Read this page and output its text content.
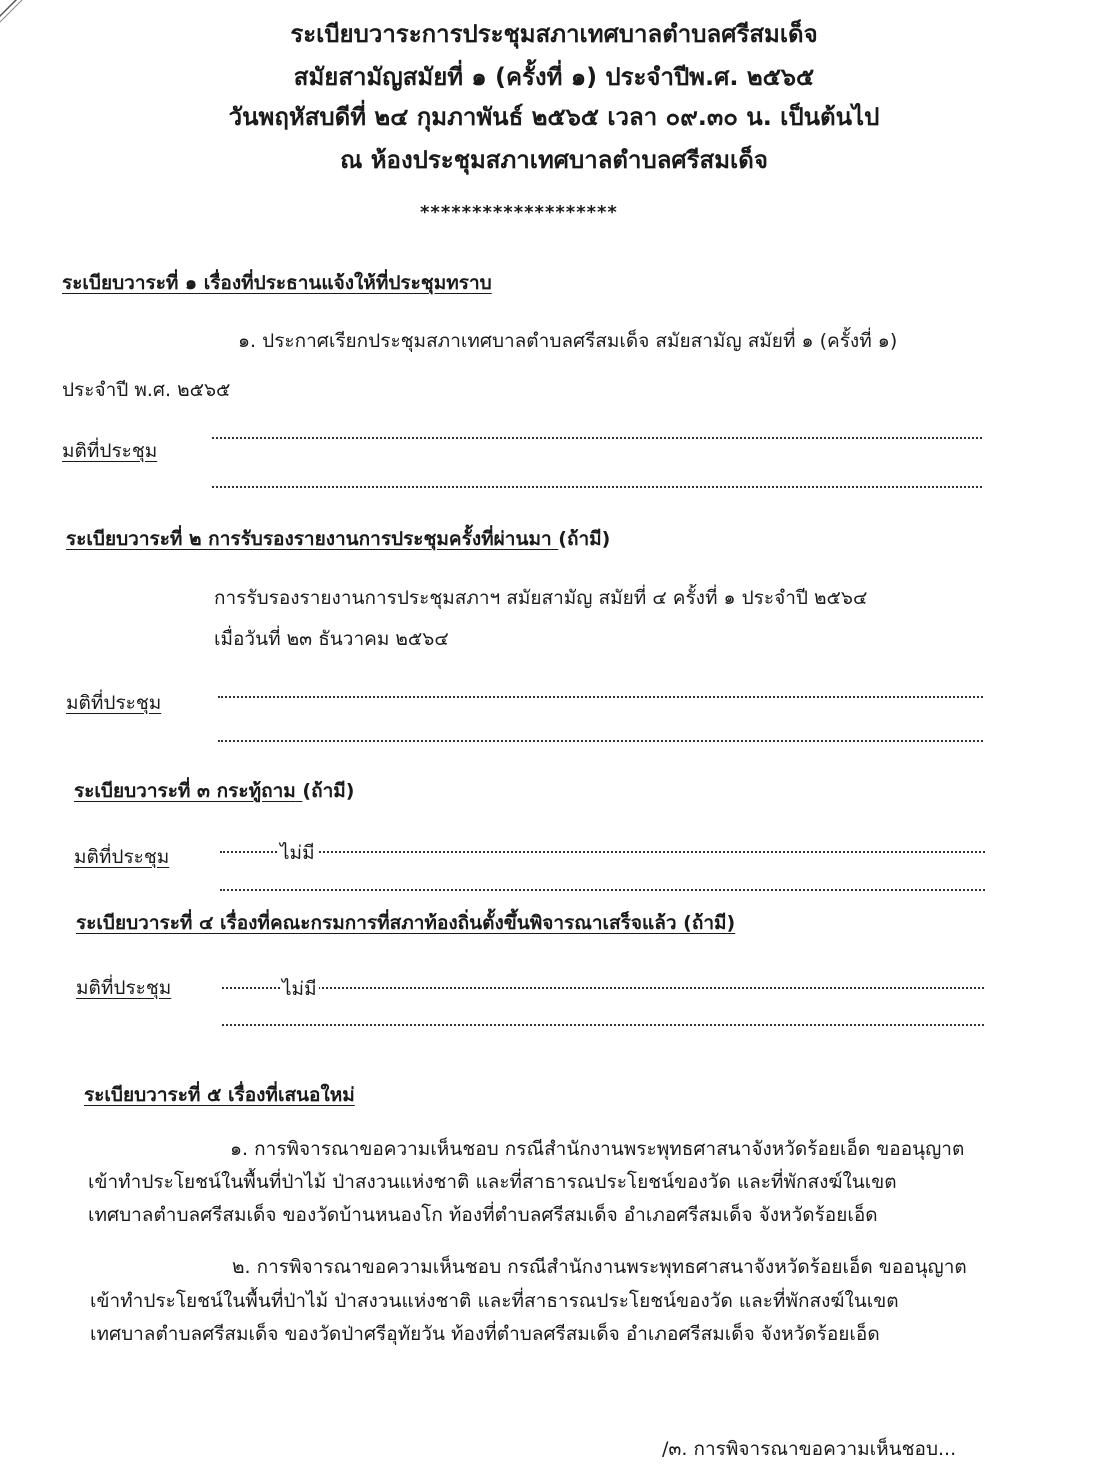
ระเบียบวาระการประชุมสภาเทศบาลตำบลศรีสมเด็จ
สมัยสามัญสมัยที่ ๑ (ครั้งที่ ๑) ประจำปีพ.ศ. ๒๕๖๕
วันพฤหัสบดีที่ ๒๔ กุมภาพันธ์ ๒๕๖๕ เวลา ๐๙.๓๐ น. เป็นต้นไป
ณ ห้องประชุมสภาเทศบาลตำบลศรีสมเด็จ
*******************
ระเบียบวาระที่ ๑ เรื่องที่ประธานแจ้งให้ที่ประชุมทราบ
๑. ประกาศเรียกประชุมสภาเทศบาลตำบลศรีสมเด็จ สมัยสามัญ สมัยที่ ๑ (ครั้งที่ ๑)
ประจำปี พ.ศ. ๒๕๖๕
มติที่ประชุม
ระเบียบวาระที่ ๒ การรับรองรายงานการประชุมครั้งที่ผ่านมา (ถ้ามี)
การรับรองรายงานการประชุมสภาฯ สมัยสามัญ สมัยที่ ๔ ครั้งที่ ๑ ประจำปี ๒๕๖๔
เมื่อวันที่ ๒๓ ธันวาคม ๒๕๖๔
มติที่ประชุม
ระเบียบวาระที่ ๓ กระทู้ถาม (ถ้ามี)
มติที่ประชุม	ไม่มี
ระเบียบวาระที่ ๔ เรื่องที่คณะกรมการที่สภาท้องถิ่นตั้งขึ้นพิจารณาเสร็จแล้ว (ถ้ามี)
มติที่ประชุม	ไม่มี
ระเบียบวาระที่ ๕ เรื่องที่เสนอใหม่
๑. การพิจารณาขอความเห็นชอบ กรณีสำนักงานพระพุทธศาสนาจังหวัดร้อยเอ็ด ขออนุญาต
เข้าทำประโยชน์ในพื้นที่ป่าไม้ ป่าสงวนแห่งชาติ และที่สาธารณประโยชน์ของวัด และที่พักสงฆ์ในเขต
เทศบาลตำบลศรีสมเด็จ ของวัดบ้านหนองโก ท้องที่ตำบลศรีสมเด็จ อำเภอศรีสมเด็จ จังหวัดร้อยเอ็ด
๒. การพิจารณาขอความเห็นชอบ กรณีสำนักงานพระพุทธศาสนาจังหวัดร้อยเอ็ด ขออนุญาต
เข้าทำประโยชน์ในพื้นที่ป่าไม้ ป่าสงวนแห่งชาติ และที่สาธารณประโยชน์ของวัด และที่พักสงฆ์ในเขต
เทศบาลตำบลศรีสมเด็จ ของวัดป่าศรีอุทัยวัน ท้องที่ตำบลศรีสมเด็จ อำเภอศรีสมเด็จ จังหวัดร้อยเอ็ด
/๓. การพิจารณาขอความเห็นชอบ...
